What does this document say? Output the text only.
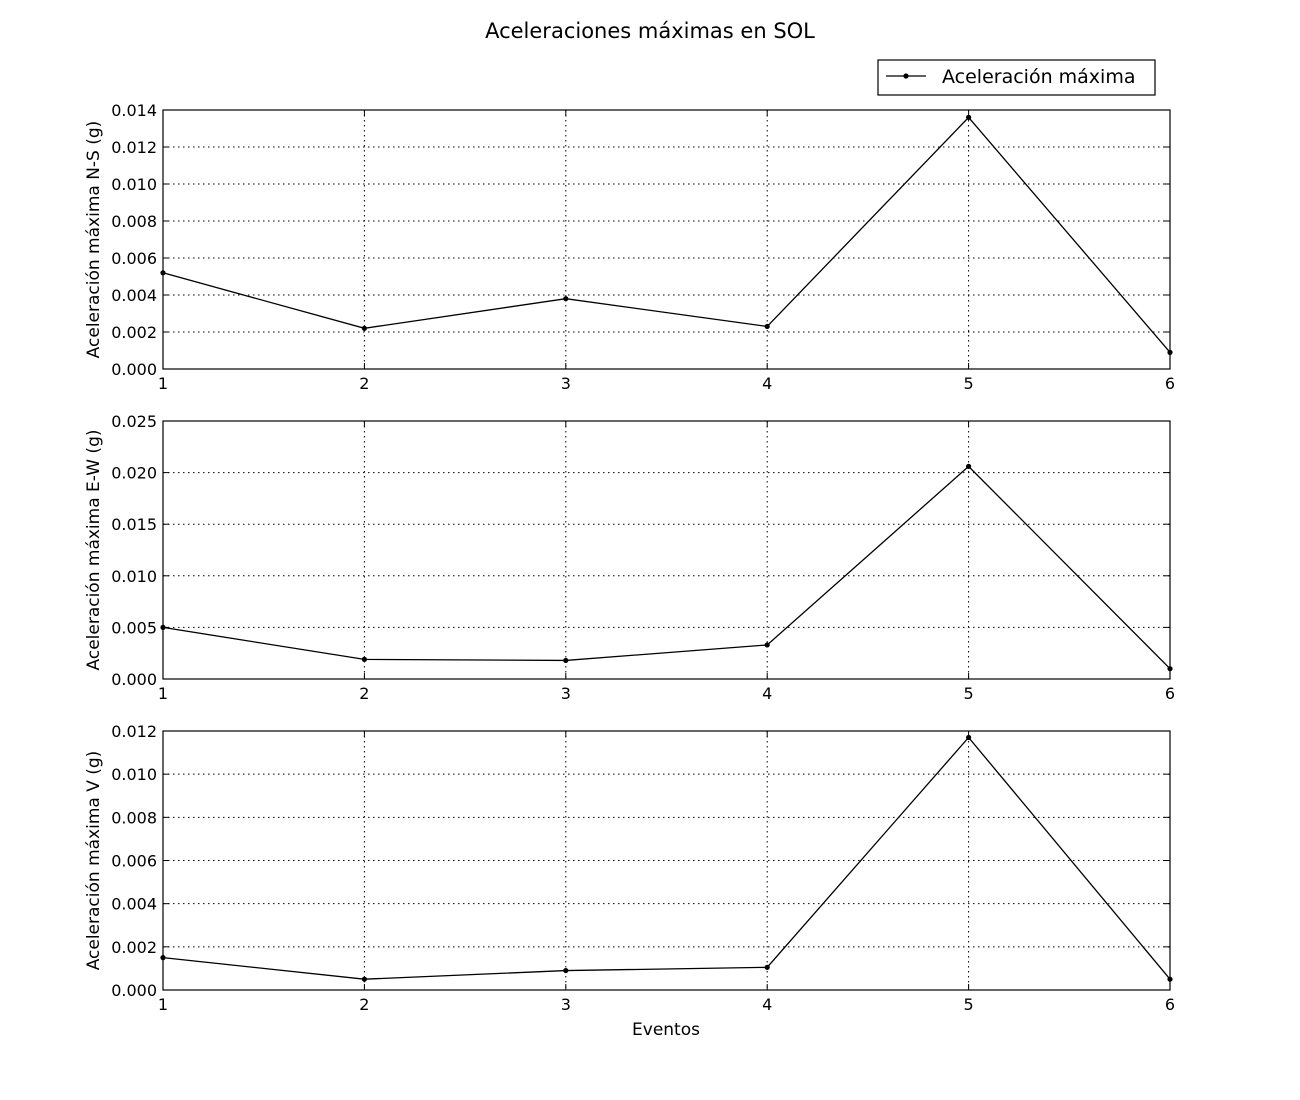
Aceleraciones máximas en SOL
Aceleración máxima
1	2	3	4	5	6
0.000
0.002
0.004
0.006
0.008
0.010
0.012
0.014
Aceleración máxima N-S (g)
1	2	3	4	5	6
0.000
0.005
0.010
0.015
0.020
0.025
Aceleración máxima E-W (g)
1	2	3	4	5	6
0.000
0.002
0.004
0.006
0.008
0.010
0.012
Aceleración máxima V (g)
Eventos
